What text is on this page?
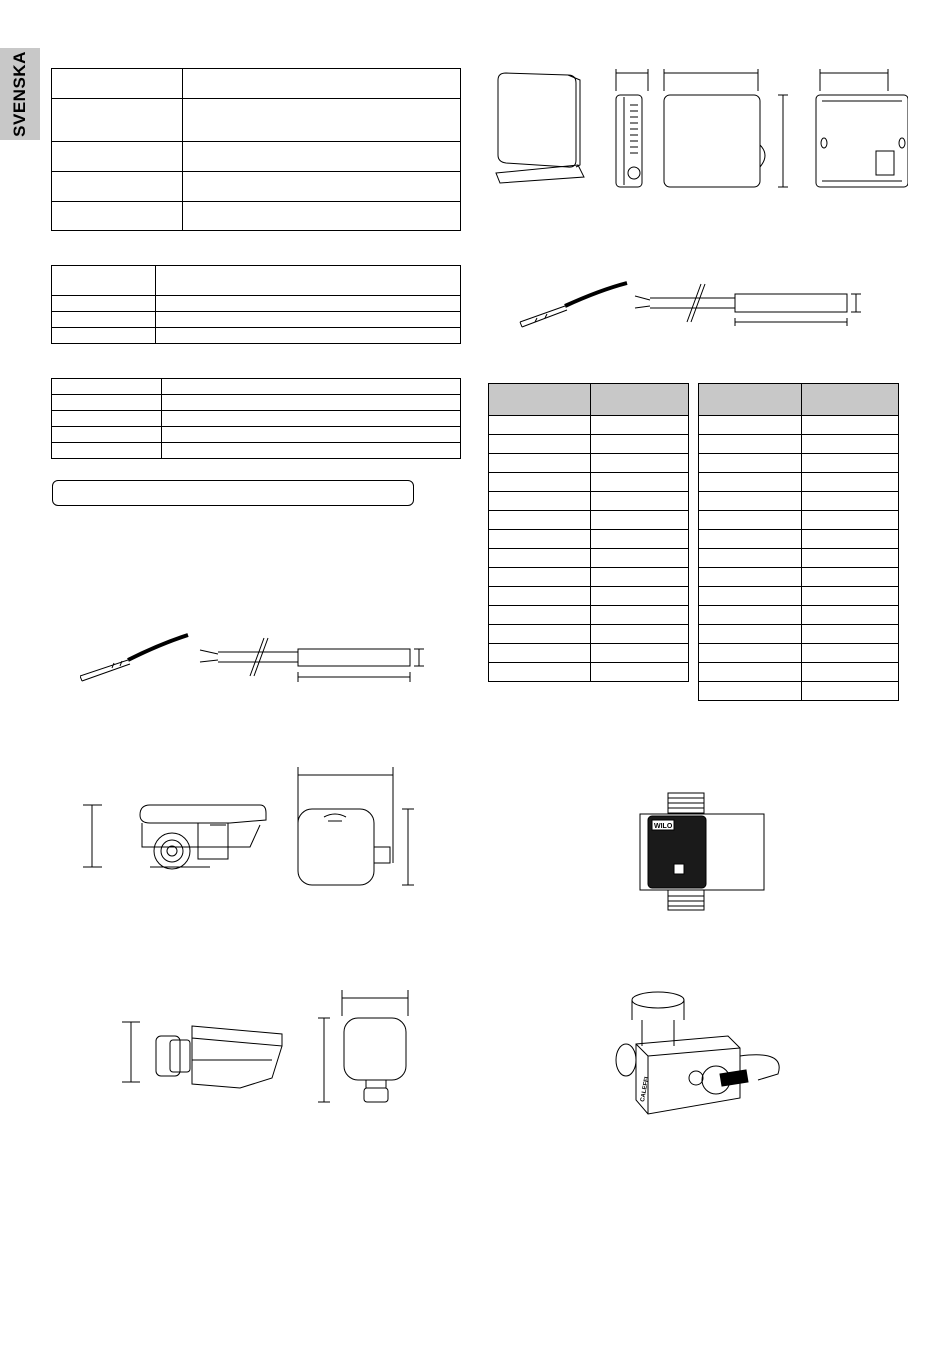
SVENSKA

WILO
CALEFFI
